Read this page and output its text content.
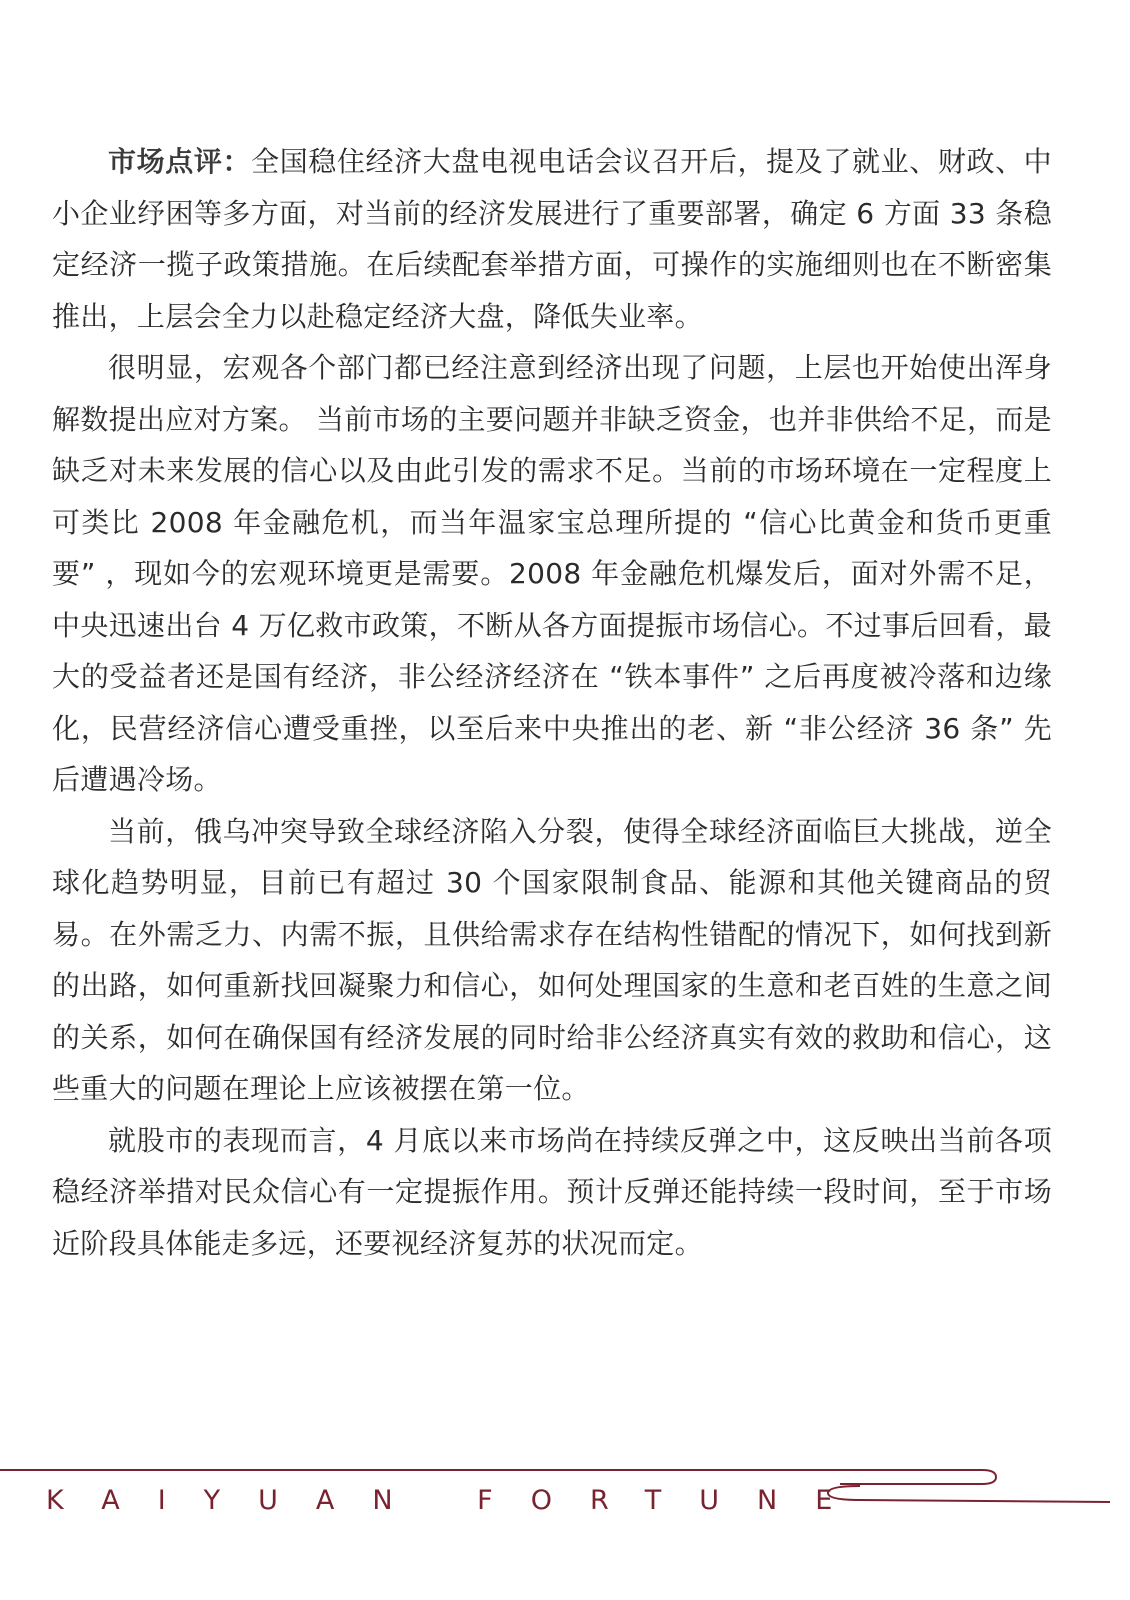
市场点评：全国稳住经济大盘电视电话会议召开后，提及了就业、财政、中小企业纾困等多方面，对当前的经济发展进行了重要部署，确定 6 方面 33 条稳定经济一揽子政策措施。在后续配套举措方面，可操作的实施细则也在不断密集推出，上层会全力以赴稳定经济大盘，降低失业率。

很明显，宏观各个部门都已经注意到经济出现了问题，上层也开始使出浑身解数提出应对方案。 当前市场的主要问题并非缺乏资金，也并非供给不足，而是缺乏对未来发展的信心以及由此引发的需求不足。当前的市场环境在一定程度上可类比 2008 年金融危机，而当年温家宝总理所提的 “信心比黄金和货币更重要” ，现如今的宏观环境更是需要。2008 年金融危机爆发后，面对外需不足，中央迅速出台 4 万亿救市政策，不断从各方面提振市场信心。不过事后回看，最大的受益者还是国有经济，非公经济经济在 “铁本事件” 之后再度被冷落和边缘化，民营经济信心遭受重挫，以至后来中央推出的老、新 “非公经济 36 条” 先后遭遇冷场。

当前，俄乌冲突导致全球经济陷入分裂，使得全球经济面临巨大挑战，逆全球化趋势明显，目前已有超过 30 个国家限制食品、能源和其他关键商品的贸易。在外需乏力、内需不振，且供给需求存在结构性错配的情况下，如何找到新的出路，如何重新找回凝聚力和信心，如何处理国家的生意和老百姓的生意之间的关系，如何在确保国有经济发展的同时给非公经济真实有效的救助和信心，这些重大的问题在理论上应该被摆在第一位。

就股市的表现而言，4 月底以来市场尚在持续反弹之中，这反映出当前各项稳经济举措对民众信心有一定提振作用。预计反弹还能持续一段时间，至于市场近阶段具体能走多远，还要视经济复苏的状况而定。

KAIYUAN FORTUNE
